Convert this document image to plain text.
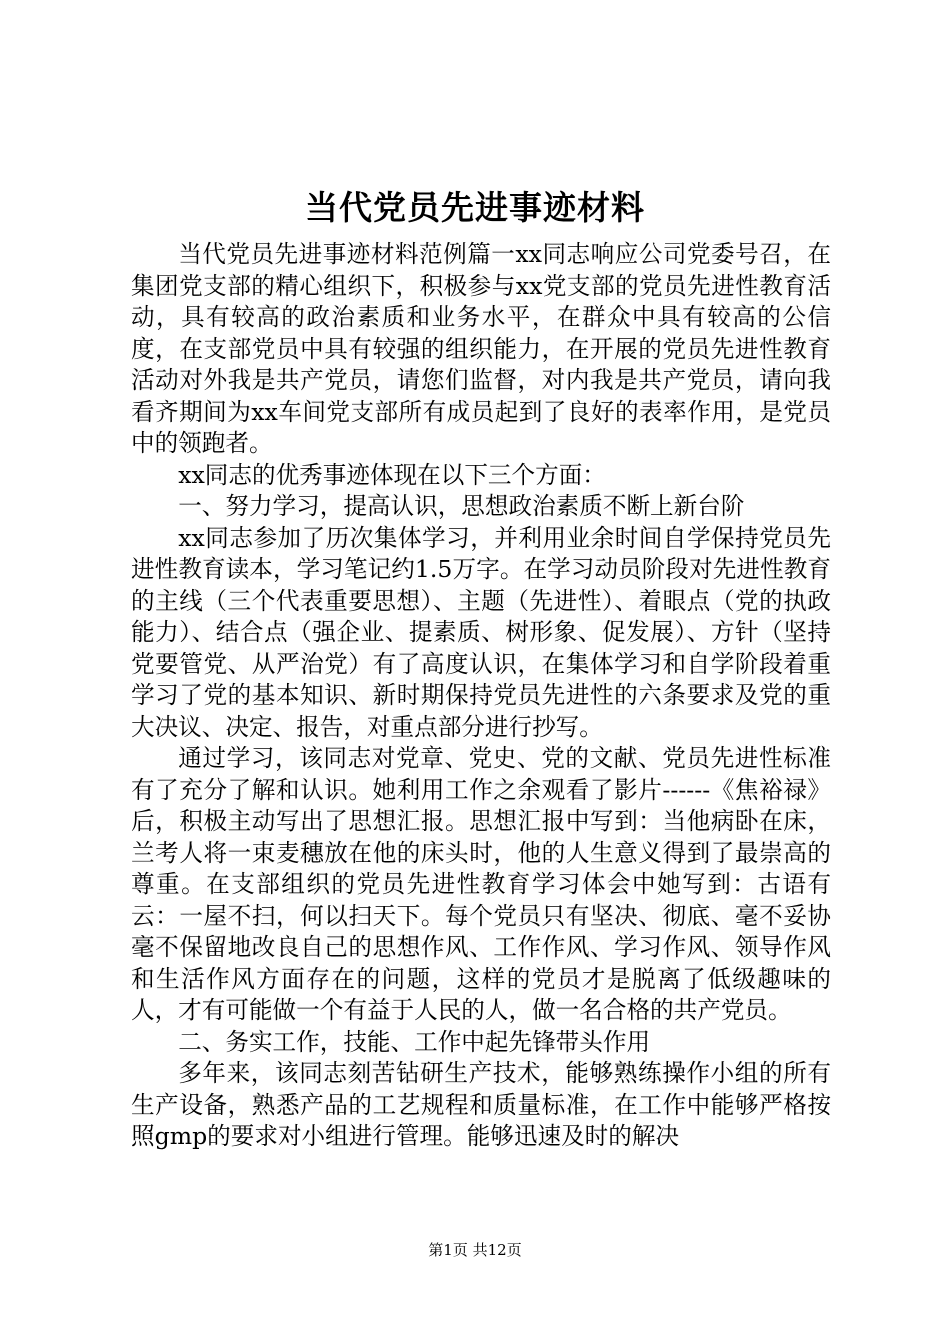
当代党员先进事迹材料

当代党员先进事迹材料范例篇一xx同志响应公司党委号召，在集团党支部的精心组织下，积极参与xx党支部的党员先进性教育活动，具有较高的政治素质和业务水平，在群众中具有较高的公信度，在支部党员中具有较强的组织能力，在开展的党员先进性教育活动对外我是共产党员，请您们监督，对内我是共产党员，请向我看齐期间为xx车间党支部所有成员起到了良好的表率作用，是党员中的领跑者。

xx同志的优秀事迹体现在以下三个方面：

一、努力学习，提高认识，思想政治素质不断上新台阶

xx同志参加了历次集体学习，并利用业余时间自学保持党员先进性教育读本，学习笔记约1.5万字。在学习动员阶段对先进性教育的主线（三个代表重要思想）、主题（先进性）、着眼点（党的执政能力）、结合点（强企业、提素质、树形象、促发展）、方针（坚持党要管党、从严治党）有了高度认识，在集体学习和自学阶段着重学习了党的基本知识、新时期保持党员先进性的六条要求及党的重大决议、决定、报告，对重点部分进行抄写。

通过学习，该同志对党章、党史、党的文献、党员先进性标准有了充分了解和认识。她利用工作之余观看了影片------《焦裕禄》后，积极主动写出了思想汇报。思想汇报中写到：当他病卧在床，兰考人将一束麦穗放在他的床头时，他的人生意义得到了最崇高的尊重。在支部组织的党员先进性教育学习体会中她写到：古语有云：一屋不扫，何以扫天下。每个党员只有坚决、彻底、毫不妥协毫不保留地改良自己的思想作风、工作作风、学习作风、领导作风和生活作风方面存在的问题，这样的党员才是脱离了低级趣味的人，才有可能做一个有益于人民的人，做一名合格的共产党员。

二、务实工作，技能、工作中起先锋带头作用

多年来，该同志刻苦钻研生产技术，能够熟练操作小组的所有生产设备，熟悉产品的工艺规程和质量标准，在工作中能够严格按照gmp的要求对小组进行管理。能够迅速及时的解决

第1页 共12页
